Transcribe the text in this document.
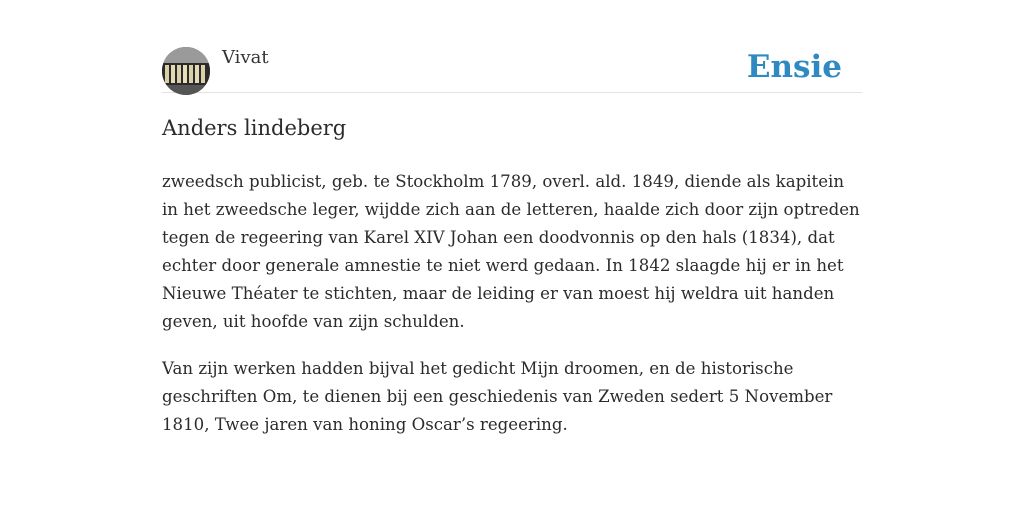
Vivat	Ensie
Anders lindeberg

zweedsch publicist, geb. te Stockholm 1789, overl. ald. 1849, diende als kapitein in het zweedsche leger, wijdde zich aan de letteren, haalde zich door zijn optreden tegen de regeering van Karel XIV Johan een doodvonnis op den hals (1834), dat echter door generale amnestie te niet werd gedaan. In 1842 slaagde hij er in het Nieuwe Théater te stichten, maar de leiding er van moest hij weldra uit handen geven, uit hoofde van zijn schulden.

Van zijn werken hadden bijval het gedicht Mijn droomen, en de historische geschriften Om, te dienen bij een geschiedenis van Zweden sedert 5 November 1810, Twee jaren van honing Oscar’s regeering.
